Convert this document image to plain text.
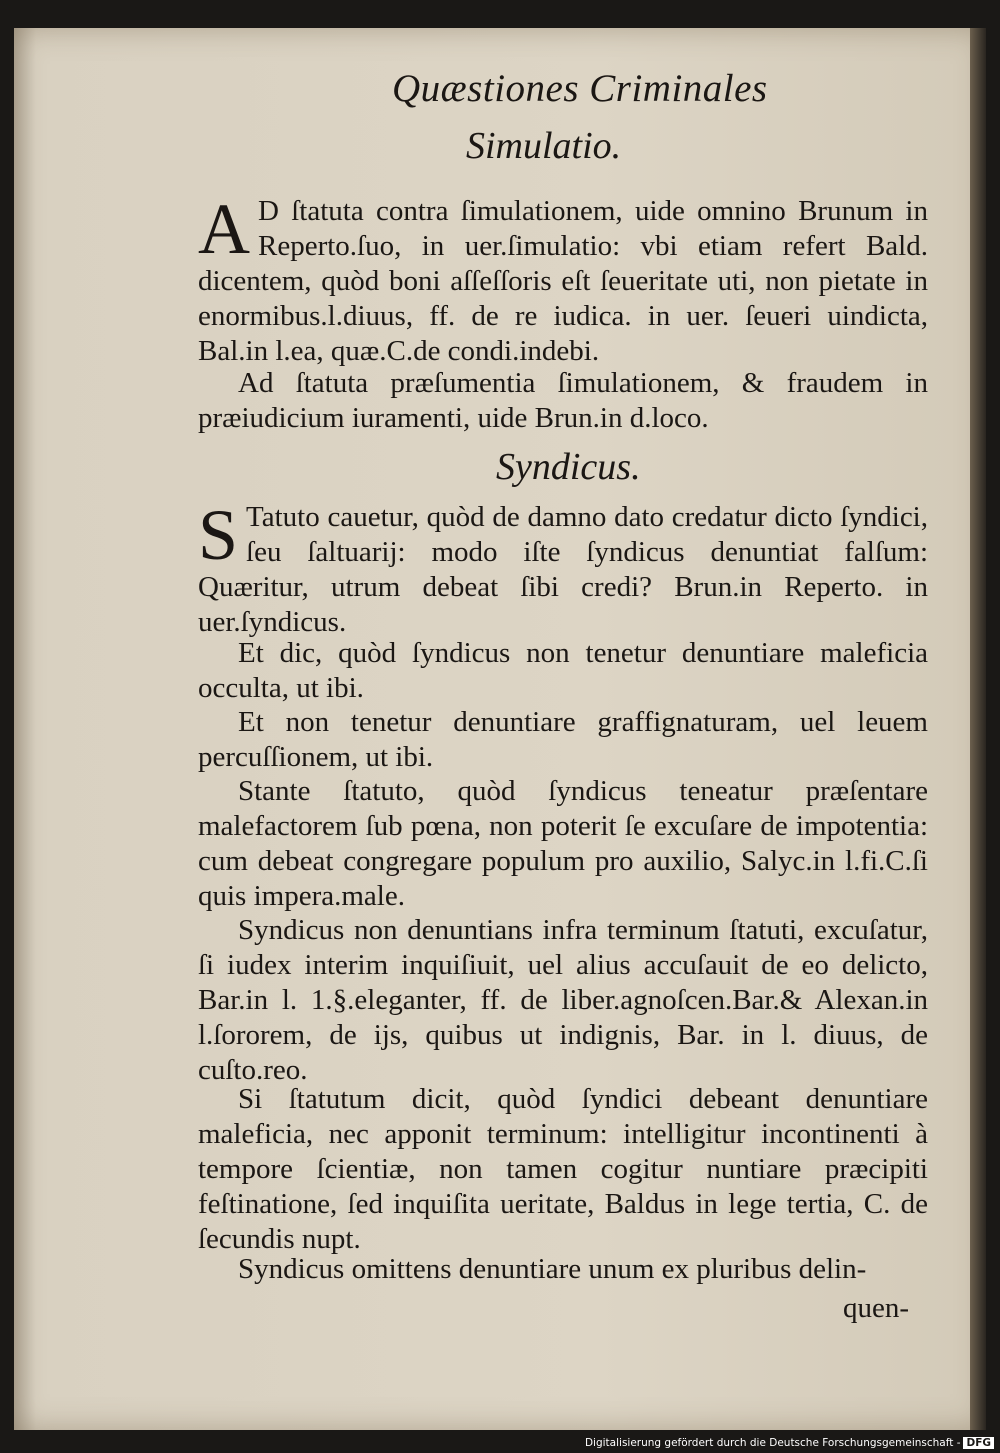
Quæstiones Criminales
Simulatio.
A D ſtatuta contra ſimulationem, uide omnino Brunum in Reperto.ſuo, in uer.ſimulatio: vbi etiam refert Bald. dicentem, quòd boni aſſeſſoris eſt ſeueritate uti, non pietate in enormibus.l.diuus, ff. de re iudica. in uer. ſeueri uindicta, Bal.in l.ea, quæ.C.de condi.indebi.
Ad ſtatuta præſumentia ſimulationem, & fraudem in præiudicium iuramenti, uide Brun.in d.loco.
Syndicus.
S Tatuto cauetur, quòd de damno dato credatur dicto ſyndici, ſeu ſaltuarij: modo iſte ſyndicus denuntiat falſum: Quæritur, utrum debeat ſibi credi? Brun.in Reperto. in uer.ſyndicus.
Et dic, quòd ſyndicus non tenetur denuntiare maleficia occulta, ut ibi.
Et non tenetur denuntiare graffignaturam, uel leuem percuſſionem, ut ibi.
Stante ſtatuto, quòd ſyndicus teneatur præſentare malefactorem ſub pœna, non poterit ſe excuſare de impotentia: cum debeat congregare populum pro auxilio, Salyc.in l.fi.C.ſi quis impera.male.
Syndicus non denuntians infra terminum ſtatuti, excuſatur, ſi iudex interim inquiſiuit, uel alius accuſauit de eo delicto, Bar.in l. 1.§.eleganter, ff. de liber.agnoſcen.Bar.& Alexan.in l.ſororem, de ijs, quibus ut indignis, Bar. in l. diuus, de cuſto.reo.
Si ſtatutum dicit, quòd ſyndici debeant denuntiare maleficia, nec apponit terminum: intelligitur incontinenti à tempore ſcientiæ, non tamen cogitur nuntiare præcipiti feſtinatione, ſed inquiſita ueritate, Baldus in lege tertia, C. de ſecundis nupt.
Syndicus omittens denuntiare unum ex pluribus delin-
quen-
Digitalisierung gefördert durch die Deutsche Forschungsgemeinschaft - DFG
